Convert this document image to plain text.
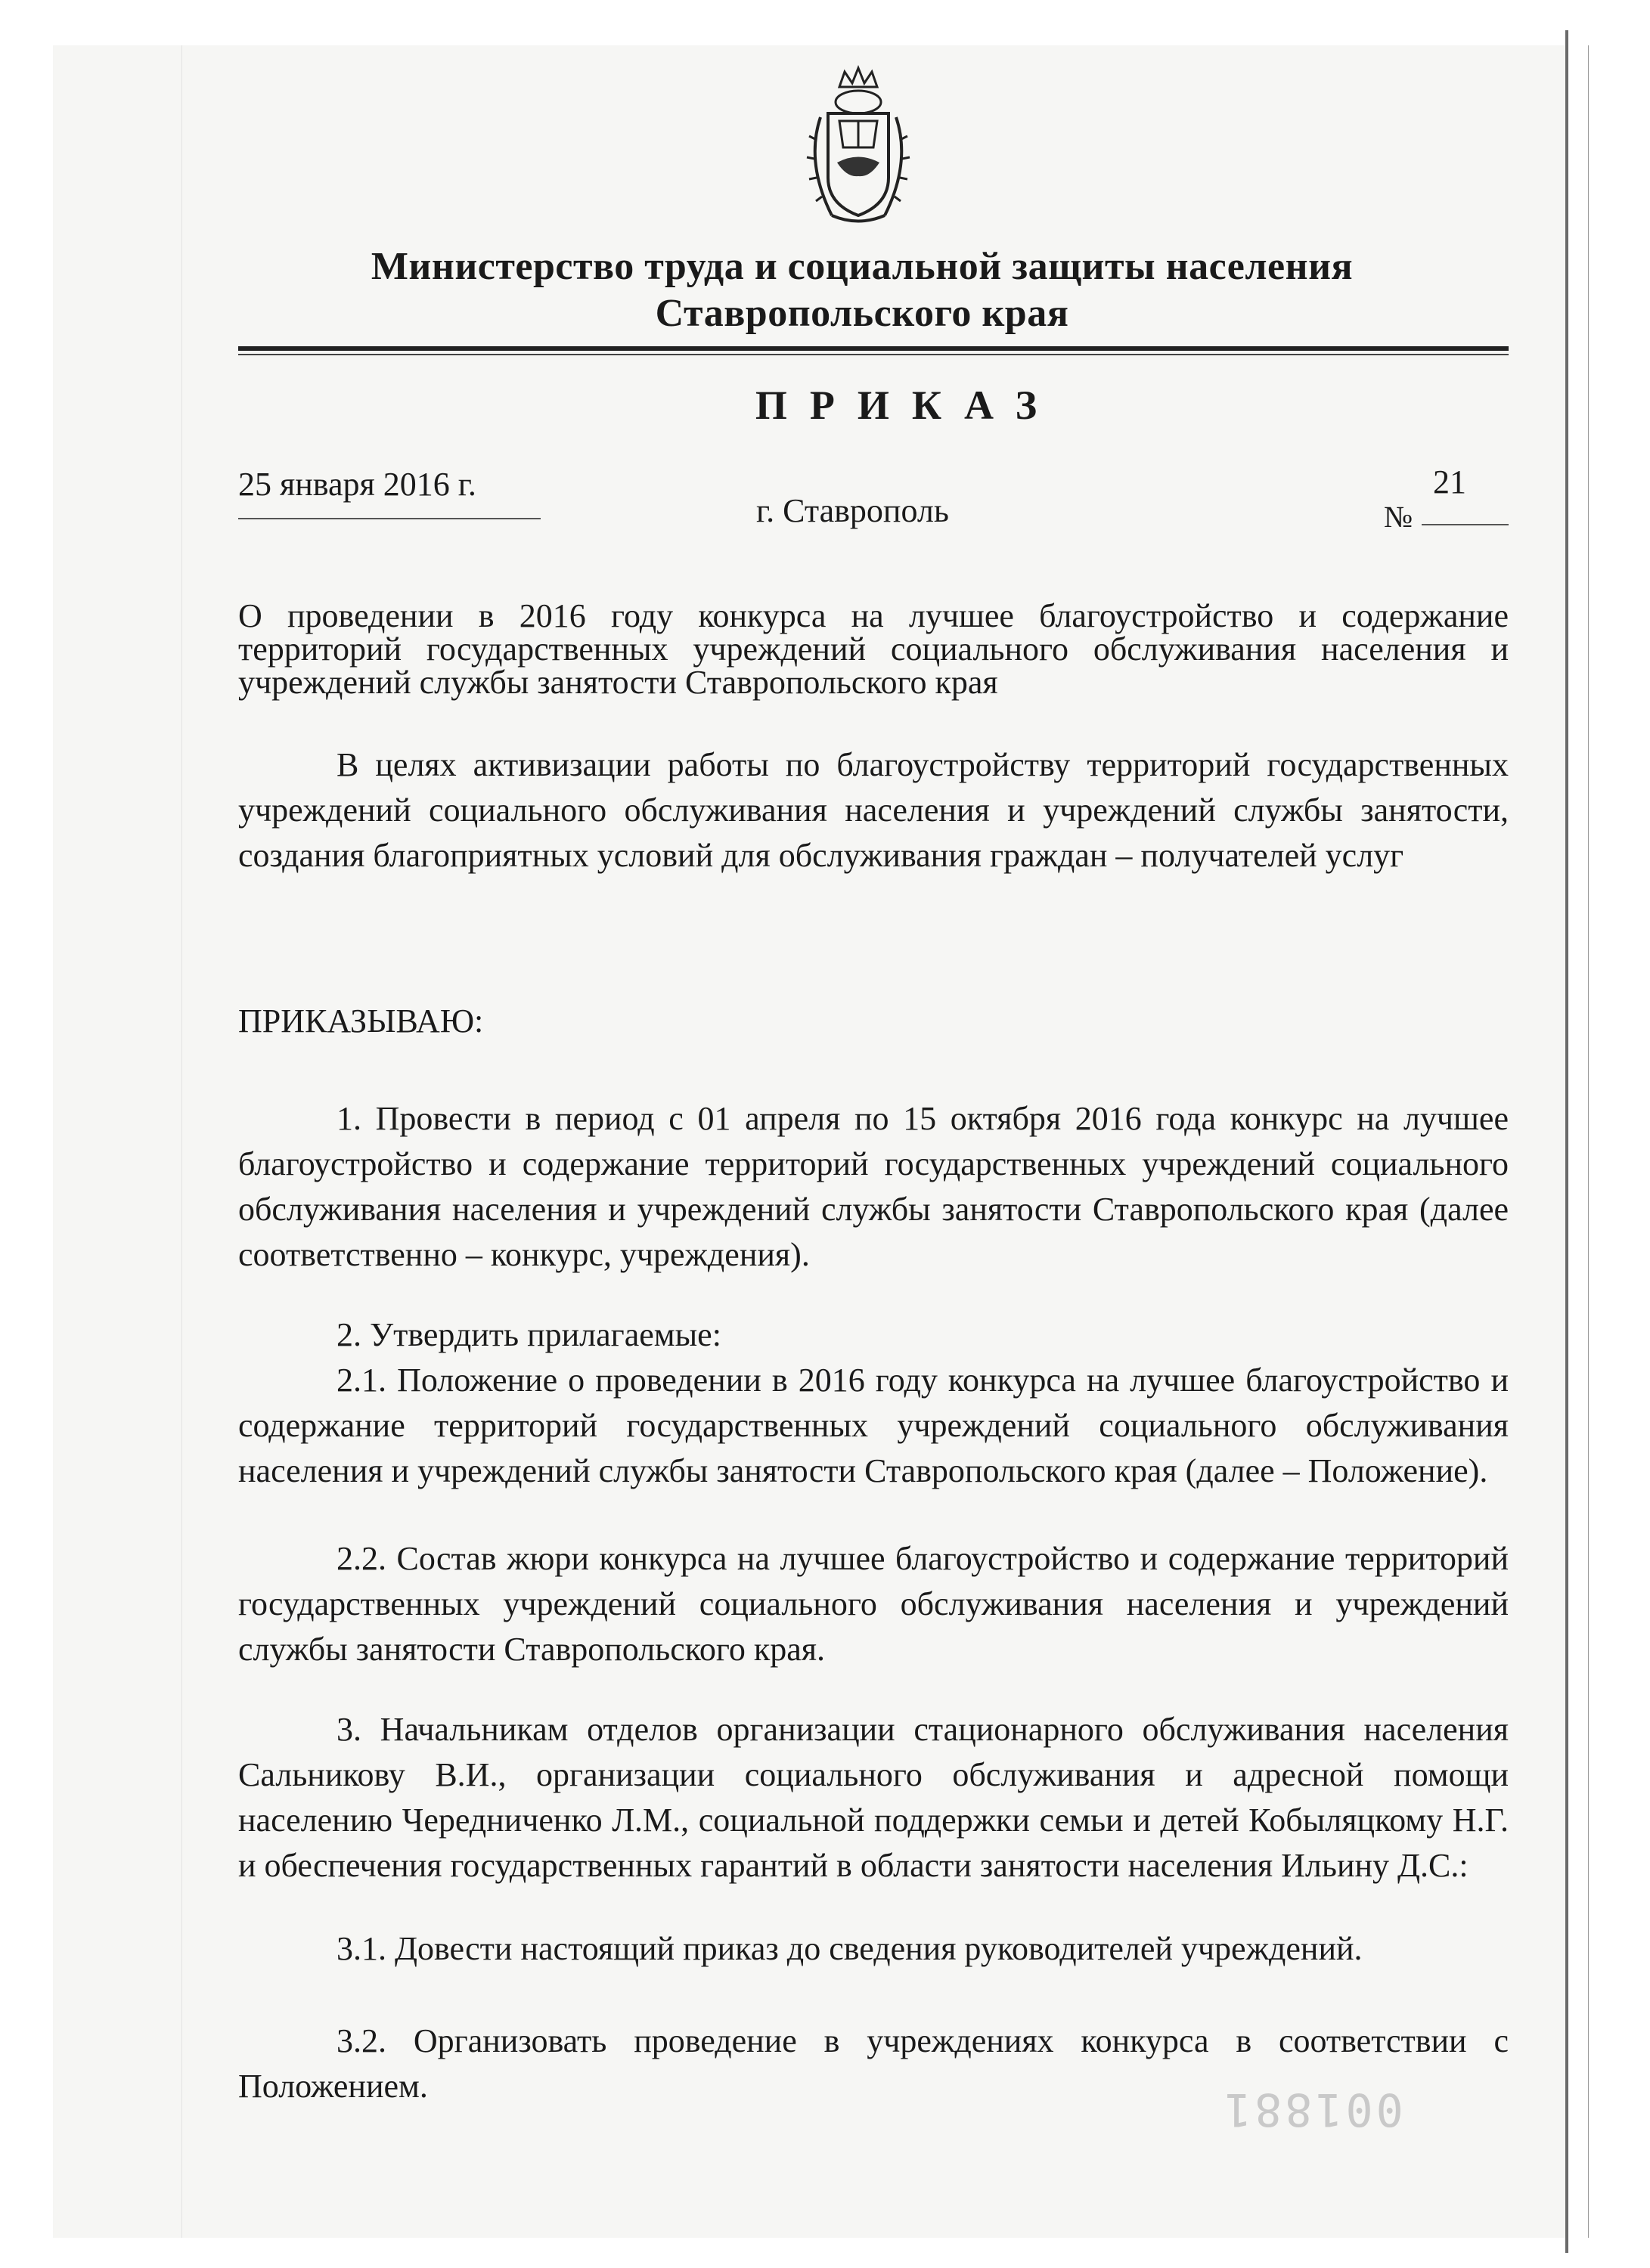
Министерство труда и социальной защиты населения
Ставропольского края
ПРИКАЗ
25 января 2016 г.
г. Ставрополь	№
21
О проведении в 2016 году конкурса на лучшее благоустройство и содержание территорий государственных учреждений социального обслуживания населения и учреждений службы занятости Ставропольского края
В целях активизации работы по благоустройству территорий государственных учреждений социального обслуживания населения и учреждений службы занятости, создания благоприятных условий для обслуживания граждан – получателей услуг
ПРИКАЗЫВАЮ:
1. Провести в период с 01 апреля по 15 октября 2016 года конкурс на лучшее благоустройство и содержание территорий государственных учреждений социального обслуживания населения и учреждений службы занятости Ставропольского края (далее соответственно – конкурс, учреждения).
2. Утвердить прилагаемые:
2.1. Положение о проведении в 2016 году конкурса на лучшее благоустройство и содержание территорий государственных учреждений социального обслуживания населения и учреждений службы занятости Ставропольского края (далее – Положение).
2.2. Состав жюри конкурса на лучшее благоустройство и содержание территорий государственных учреждений социального обслуживания населения и учреждений службы занятости Ставропольского края.
3. Начальникам отделов организации стационарного обслуживания населения Сальникову В.И., организации социального обслуживания и адресной помощи населению Чередниченко Л.М., социальной поддержки семьи и детей Кобыляцкому Н.Г. и обеспечения государственных гарантий в области занятости населения Ильину Д.С.:
3.1. Довести настоящий приказ до сведения руководителей учреждений.
3.2. Организовать проведение в учреждениях конкурса в соответствии с Положением.	001881
